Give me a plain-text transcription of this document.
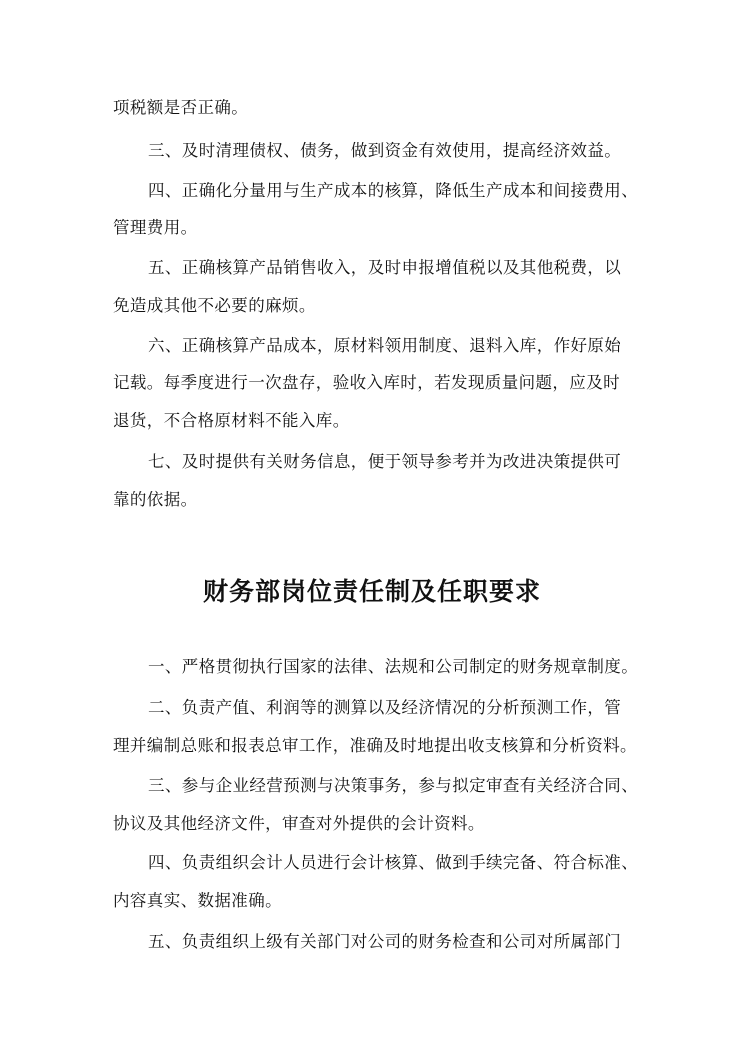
项税额是否正确。
三、及时清理债权、债务，做到资金有效使用，提高经济效益。
四、正确化分量用与生产成本的核算，降低生产成本和间接费用、
管理费用。
五、正确核算产品销售收入，及时申报增值税以及其他税费，以
免造成其他不必要的麻烦。
六、正确核算产品成本，原材料领用制度、退料入库，作好原始
记载。每季度进行一次盘存，验收入库时，若发现质量问题，应及时
退货，不合格原材料不能入库。
七、及时提供有关财务信息，便于领导参考并为改进决策提供可
靠的依据。
财务部岗位责任制及任职要求
一、严格贯彻执行国家的法律、法规和公司制定的财务规章制度。
二、负责产值、利润等的测算以及经济情况的分析预测工作，管
理并编制总账和报表总审工作，准确及时地提出收支核算和分析资料。
三、参与企业经营预测与决策事务，参与拟定审查有关经济合同、
协议及其他经济文件，审查对外提供的会计资料。
四、负责组织会计人员进行会计核算、做到手续完备、符合标准、
内容真实、数据准确。
五、负责组织上级有关部门对公司的财务检查和公司对所属部门
